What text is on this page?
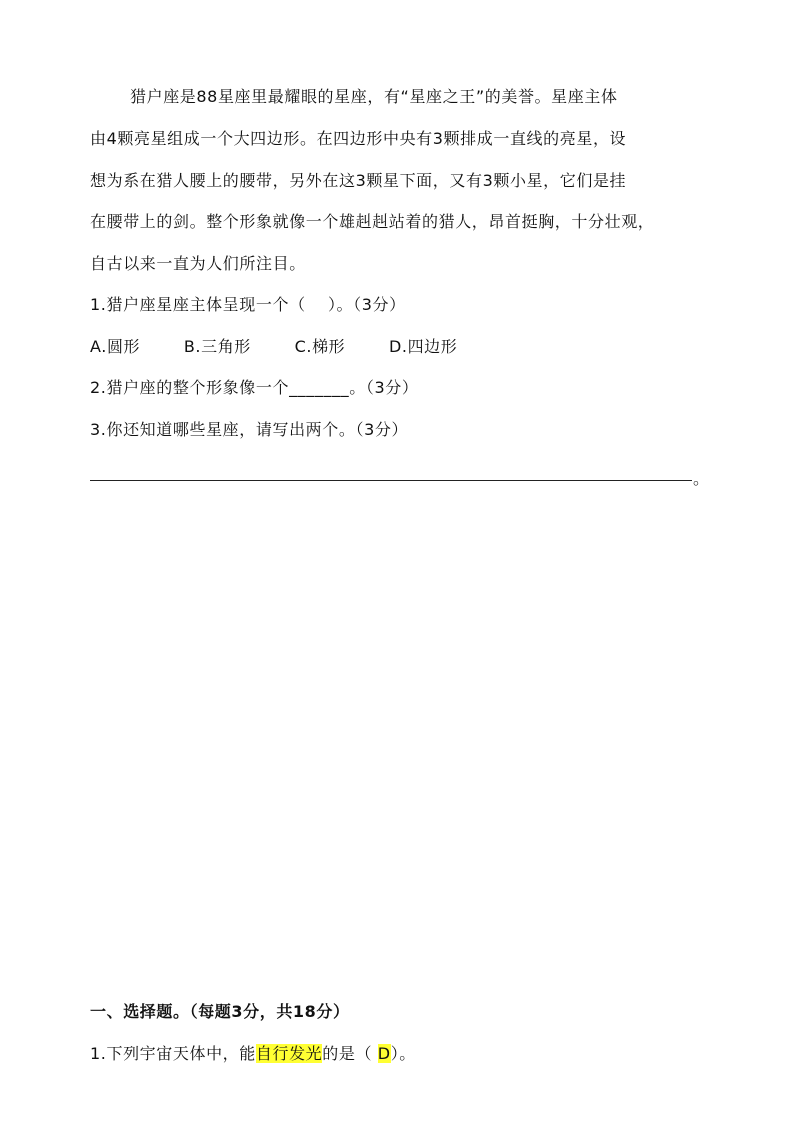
猎户座是88星座里最耀眼的星座，有“星座之王”的美誉。星座主体
由4颗亮星组成一个大四边形。在四边形中央有3颗排成一直线的亮星，设
想为系在猎人腰上的腰带，另外在这3颗星下面，又有3颗小星，它们是挂
在腰带上的剑。整个形象就像一个雄赳赳站着的猎人，昂首挺胸，十分壮观，
自古以来一直为人们所注目。
1.猎户座星座主体呈现一个（　 ）。（3分）
A.圆形	B.三角形	C.梯形	D.四边形
2.猎户座的整个形象像一个_______。（3分）
3.你还知道哪些星座，请写出两个。（3分）
。
一、选择题。（每题3分，共18分）
1.下列宇宙天体中，能自行发光的是（ D）。
